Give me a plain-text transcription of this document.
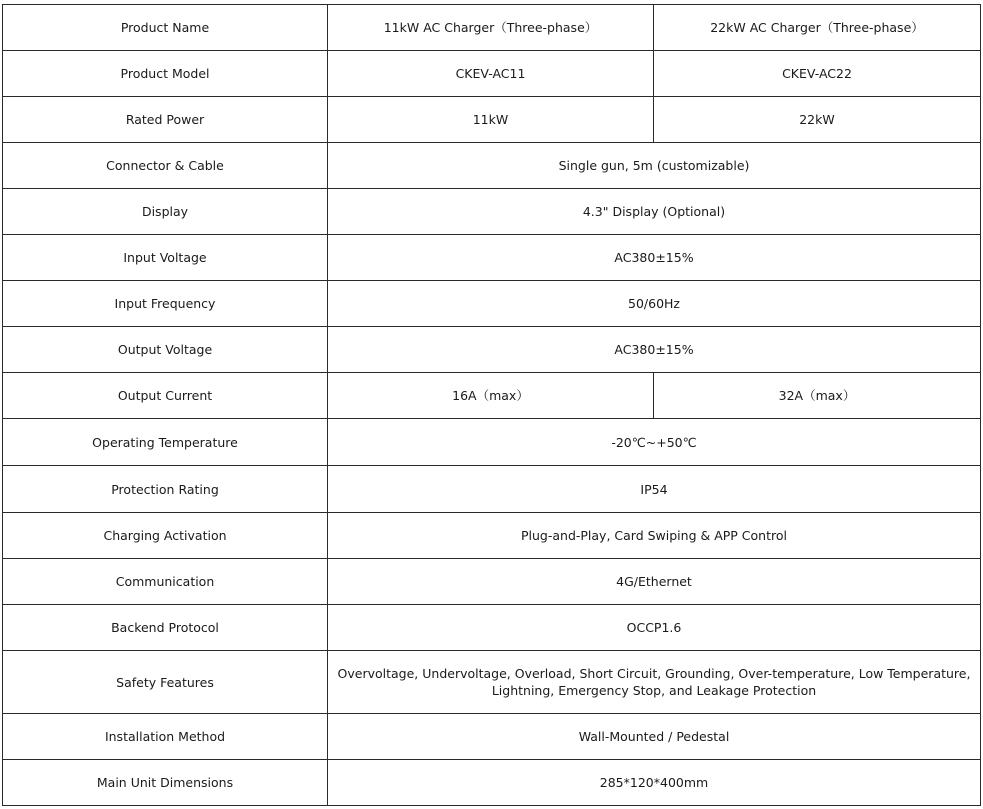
Product Name	11kW AC Charger（Three-phase）	22kW AC Charger（Three-phase）
Product Model	CKEV-AC11	CKEV-AC22
Rated Power	11kW	22kW
Connector & Cable	Single gun, 5m (customizable)	
Display	4.3" Display (Optional)	
Input Voltage	AC380±15%	
Input Frequency	50/60Hz	
Output Voltage	AC380±15%	
Output Current	16A（max）	32A（max）
Operating Temperature	-20℃~+50℃	
Protection Rating	IP54	
Charging Activation	Plug-and-Play, Card Swiping & APP Control	
Communication	4G/Ethernet	
Backend Protocol	OCCP1.6	
Safety Features	Overvoltage, Undervoltage, Overload, Short Circuit, Grounding, Over-temperature, Low Temperature, Lightning, Emergency Stop, and Leakage Protection	
Installation Method	Wall-Mounted / Pedestal	
Main Unit Dimensions	285*120*400mm	
